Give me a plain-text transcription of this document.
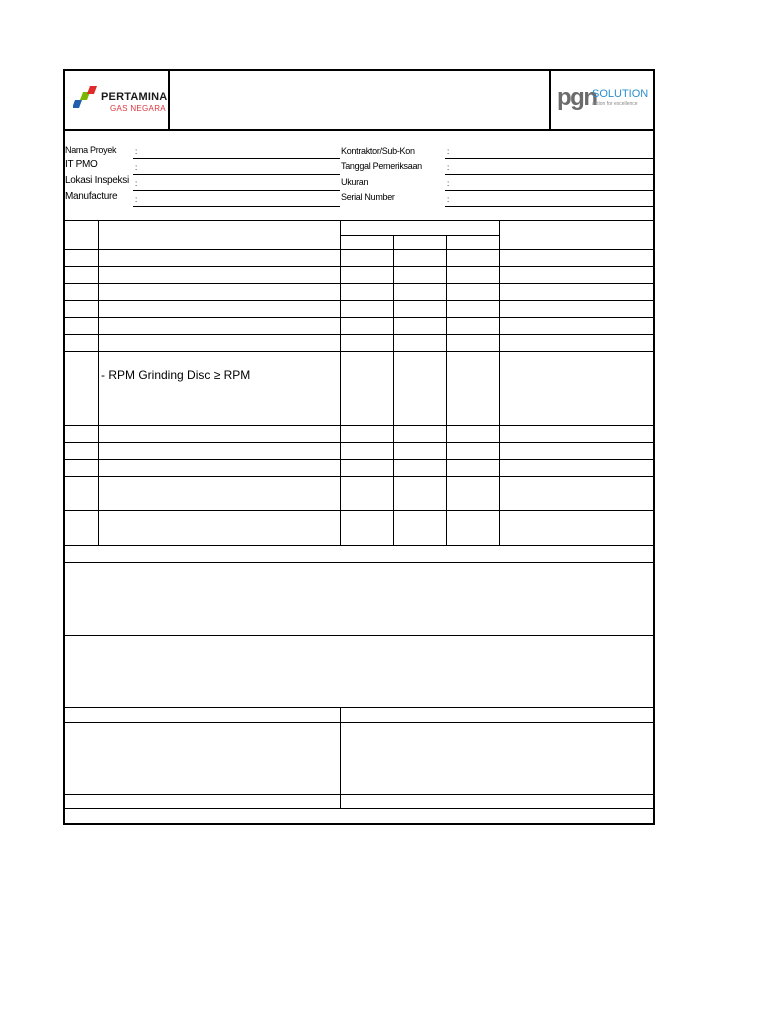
PERTAMINA
GAS NEGARA	pgn
SOLUTION
action for excellence
Nama Proyek
IT PMO
Lokasi Inspeksi
Manufacture
:
:
:
:
Kontraktor/Sub-Kon
Tanggal Pemeriksaan
Ukuran
Serial Number
:
:
:
:
- RPM Grinding Disc ≥ RPM
